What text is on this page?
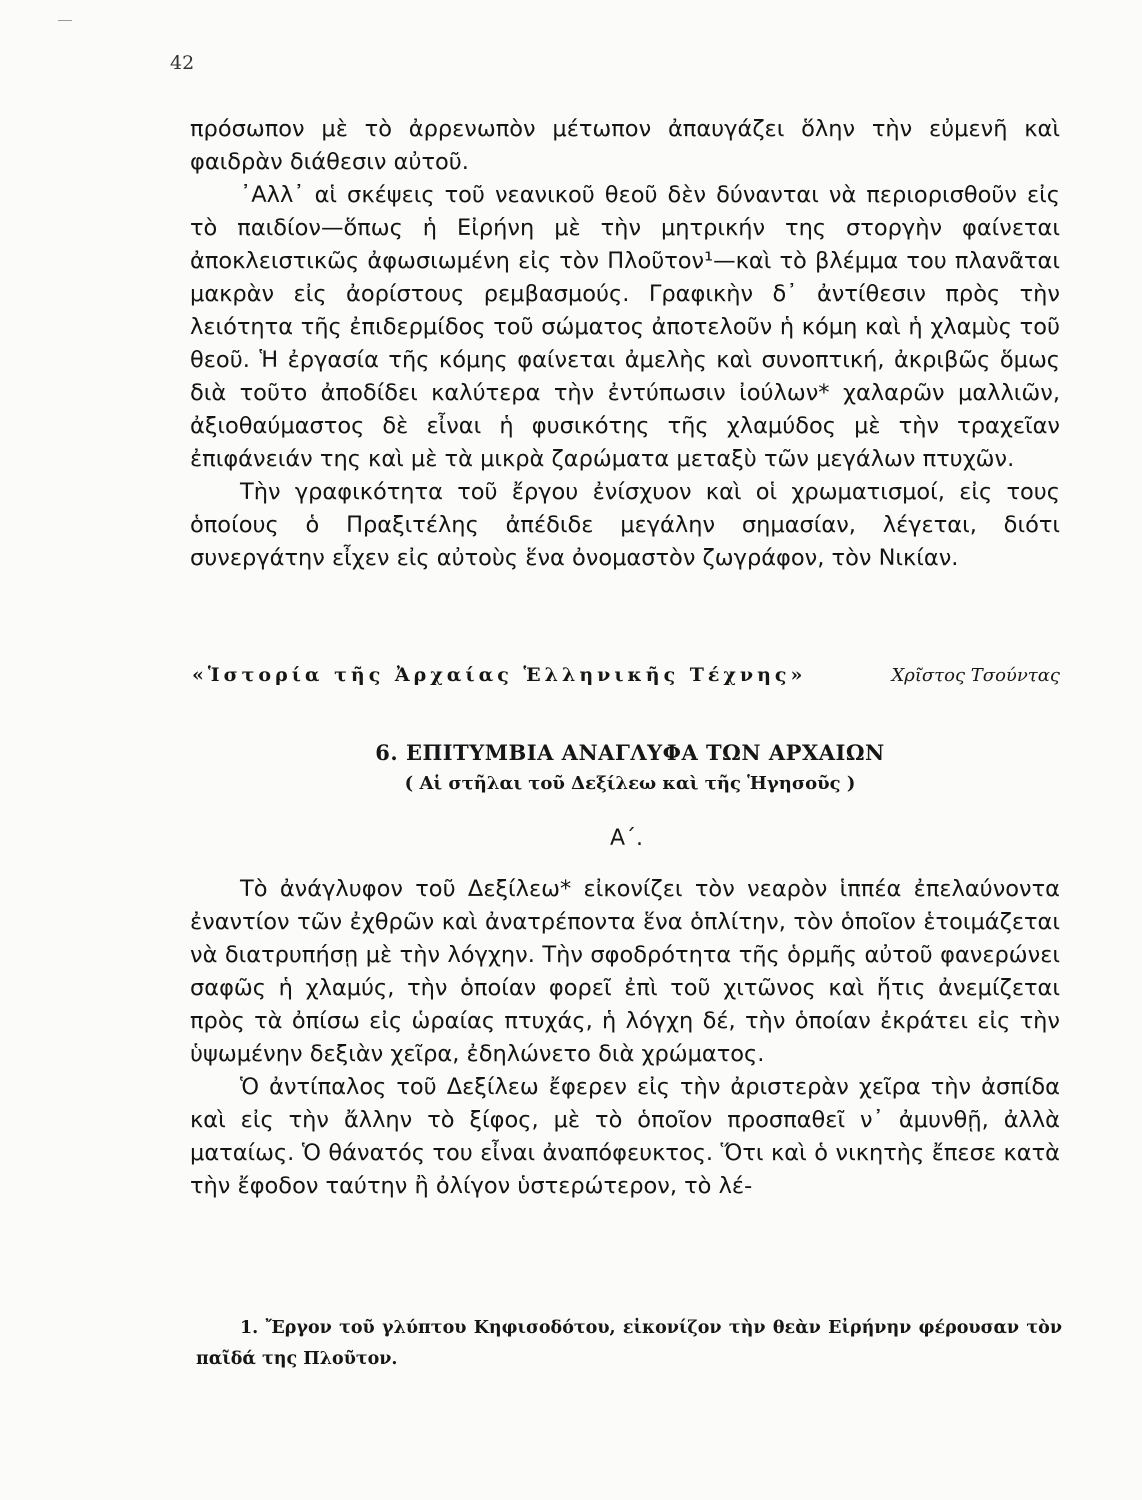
42

πρόσωπον μὲ τὸ ἀρρενωπὸν μέτωπον ἀπαυγάζει ὅλην τὴν εὐμενῆ καὶ φαιδρὰν διάθεσιν αὐτοῦ.

᾽Αλλ᾽ αἱ σκέψεις τοῦ νεανικοῦ θεοῦ δὲν δύνανται νὰ περιορισθοῦν εἰς τὸ παιδίον—ὅπως ἡ Εἰρήνη μὲ τὴν μητρικήν της στοργὴν φαίνεται ἀποκλειστικῶς ἀφωσιωμένη εἰς τὸν Πλοῦτον¹—καὶ τὸ βλέμμα του πλανᾶται μακρὰν εἰς ἀορίστους ρεμβασμούς. Γραφικὴν δ᾽ ἀντίθεσιν πρὸς τὴν λειότητα τῆς ἐπιδερμίδος τοῦ σώματος ἀποτελοῦν ἡ κόμη καὶ ἡ χλαμὺς τοῦ θεοῦ. Ἡ ἐργασία τῆς κόμης φαίνεται ἀμελὴς καὶ συνοπτική, ἀκριβῶς ὅμως διὰ τοῦτο ἀποδίδει καλύτερα τὴν ἐντύπωσιν ἰούλων* χαλαρῶν μαλλιῶν, ἀξιοθαύμαστος δὲ εἶναι ἡ φυσικότης τῆς χλαμύδος μὲ τὴν τραχεῖαν ἐπιφάνειάν της καὶ μὲ τὰ μικρὰ ζαρώματα μεταξὺ τῶν μεγάλων πτυχῶν.

Τὴν γραφικότητα τοῦ ἔργου ἐνίσχυον καὶ οἱ χρωματισμοί, εἰς τους ὁποίους ὁ Πραξιτέλης ἀπέδιδε μεγάλην σημασίαν, λέγεται, διότι συνεργάτην εἶχεν εἰς αὐτοὺς ἕνα ὀνομαστὸν ζωγράφον, τὸν Νικίαν.

«Ἱστορία τῆς Ἀρχαίας Ἑλληνικῆς Τέχνης»	Χρῖστος Τσούντας
6. ΕΠΙΤΥΜΒΙΑ ΑΝΑΓΛΥΦΑ ΤΩΝ ΑΡΧΑΙΩΝ
( Αἱ στῆλαι τοῦ Δεξίλεω καὶ τῆς Ἡγησοῦς )
Α΄.

Τὸ ἀνάγλυφον τοῦ Δεξίλεω* εἰκονίζει τὸν νεαρὸν ἱππέα ἐπελαύνοντα ἐναντίον τῶν ἐχθρῶν καὶ ἀνατρέποντα ἕνα ὁπλίτην, τὸν ὁποῖον ἑτοιμάζεται νὰ διατρυπήσῃ μὲ τὴν λόγχην. Τὴν σφοδρότητα τῆς ὁρμῆς αὐτοῦ φανερώνει σαφῶς ἡ χλαμύς, τὴν ὁποίαν φορεῖ ἐπὶ τοῦ χιτῶνος καὶ ἥτις ἀνεμίζεται πρὸς τὰ ὀπίσω εἰς ὡραίας πτυχάς, ἡ λόγχη δέ, τὴν ὁποίαν ἐκράτει εἰς τὴν ὑψωμένην δεξιὰν χεῖρα, ἐδηλώνετο διὰ χρώματος.

Ὁ ἀντίπαλος τοῦ Δεξίλεω ἔφερεν εἰς τὴν ἀριστερὰν χεῖρα τὴν ἀσπίδα καὶ εἰς τὴν ἄλλην τὸ ξίφος, μὲ τὸ ὁποῖον προσπαθεῖ ν᾽ ἀμυνθῇ, ἀλλὰ ματαίως. Ὁ θάνατός του εἶναι ἀναπόφευκτος. Ὅτι καὶ ὁ νικητὴς ἔπεσε κατὰ τὴν ἔφοδον ταύτην ἢ ὀλίγον ὑστερώτερον, τὸ λέ-

1. Ἔργον τοῦ γλύπτου Κηφισοδότου, εἰκονίζον τὴν θεὰν Εἰρήνην φέρουσαν τὸν παῖδά της Πλοῦτον.
